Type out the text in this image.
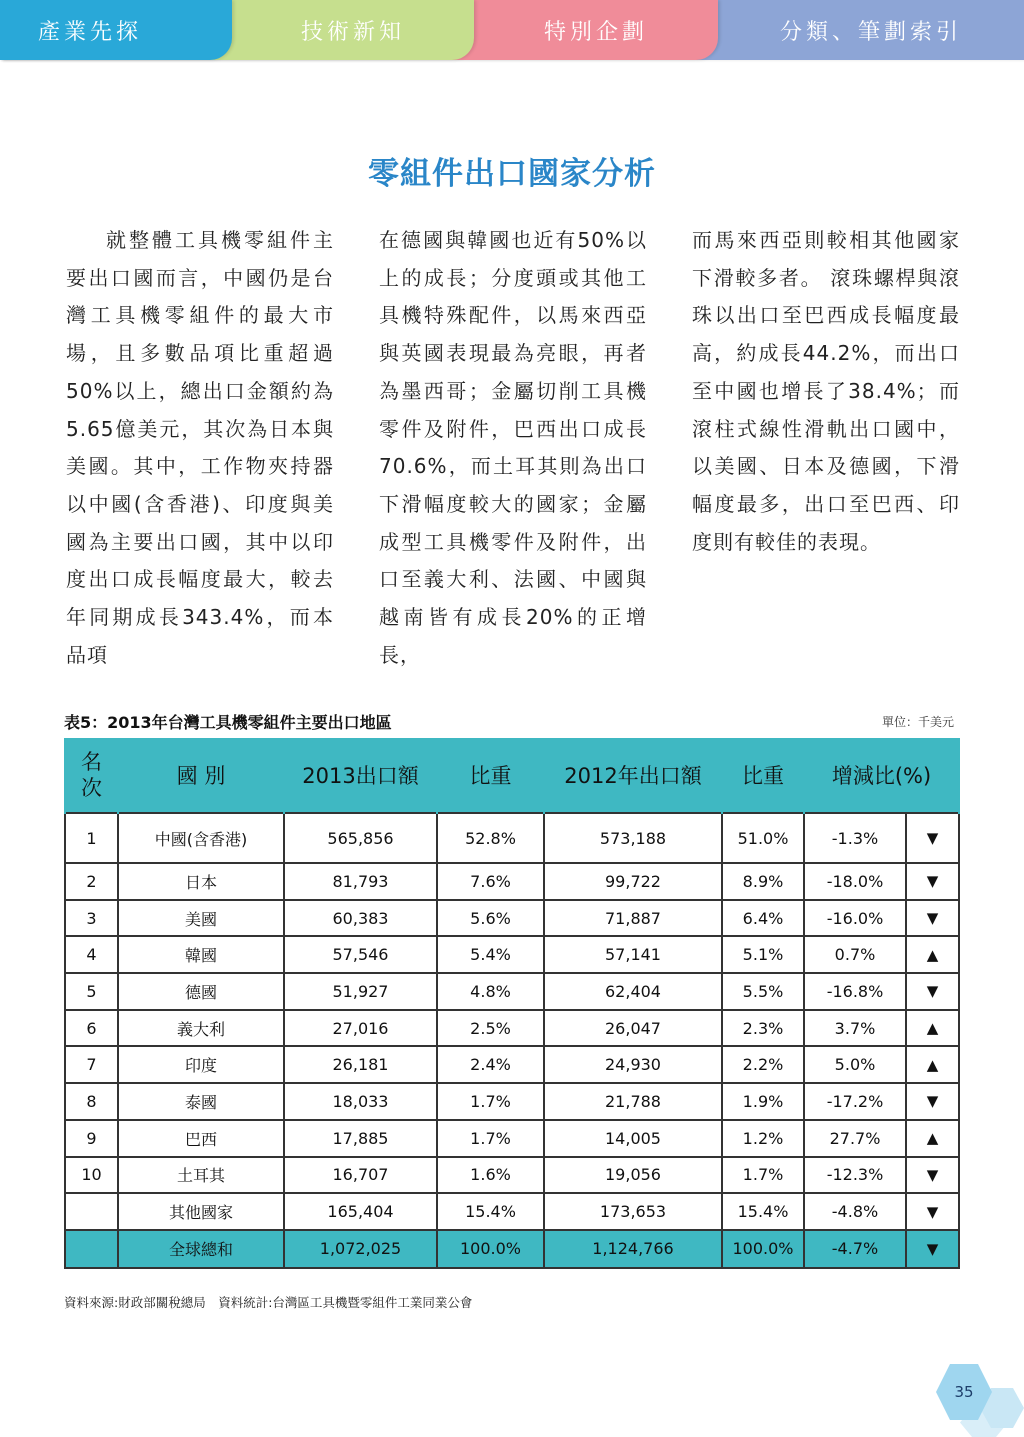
分類、筆劃索引
特別企劃
技術新知
產業先探
零組件出口國家分析

就整體工具機零組件主要出口國而言，中國仍是台灣工具機零組件的最大市場，且多數品項比重超過50%以上，總出口金額約為5.65億美元，其次為日本與美國。其中，工作物夾持器以中國(含香港)、印度與美國為主要出口國，其中以印度出口成長幅度最大，較去年同期成長343.4%，而本品項

在德國與韓國也近有50%以上的成長；分度頭或其他工具機特殊配件，以馬來西亞與英國表現最為亮眼，再者為墨西哥；金屬切削工具機零件及附件，巴西出口成長70.6%，而土耳其則為出口下滑幅度較大的國家；金屬成型工具機零件及附件，出口至義大利、法國、中國與越南皆有成長20%的正增長，

而馬來西亞則較相其他國家下滑較多者。 滾珠螺桿與滾珠以出口至巴西成長幅度最高，約成長44.2%，而出口至中國也增長了38.4%；而滾柱式線性滑軌出口國中，以美國、日本及德國，下滑幅度最多，出口至巴西、印度則有較佳的表現。

表5：2013年台灣工具機零組件主要出口地區	單位：千美元
名次	國 別	2013出口額	比重	2012年出口額	比重	增減比(%)	
1	中國(含香港)	565,856	52.8%	573,188	51.0%	-1.3%	▼
2	日本	81,793	7.6%	99,722	8.9%	-18.0%	▼
3	美國	60,383	5.6%	71,887	6.4%	-16.0%	▼
4	韓國	57,546	5.4%	57,141	5.1%	0.7%	▲
5	德國	51,927	4.8%	62,404	5.5%	-16.8%	▼
6	義大利	27,016	2.5%	26,047	2.3%	3.7%	▲
7	印度	26,181	2.4%	24,930	2.2%	5.0%	▲
8	泰國	18,033	1.7%	21,788	1.9%	-17.2%	▼
9	巴西	17,885	1.7%	14,005	1.2%	27.7%	▲
10	土耳其	16,707	1.6%	19,056	1.7%	-12.3%	▼
	其他國家	165,404	15.4%	173,653	15.4%	-4.8%	▼
	全球總和	1,072,025	100.0%	1,124,766	100.0%	-4.7%	▼
資料來源:財政部關稅總局　資料統計:台灣區工具機暨零組件工業同業公會
35
